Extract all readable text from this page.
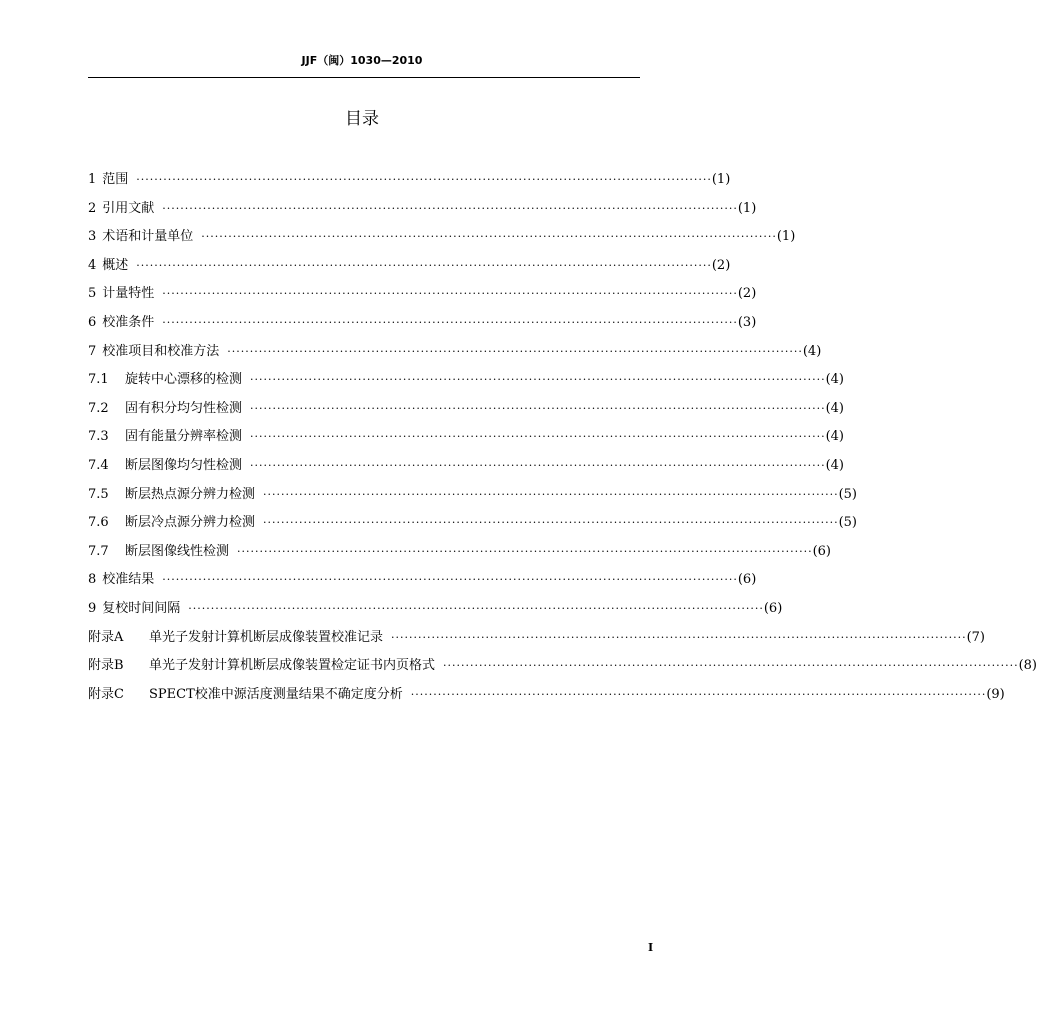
JJF（闽）1030—2010
目录
1 范围 ································································································································ (1)
2 引用文献 ································································································································ (1)
3 术语和计量单位 ································································································································ (1)
4 概述 ································································································································ (2)
5 计量特性 ································································································································ (2)
6 校准条件 ································································································································ (3)
7 校准项目和校准方法 ································································································································ (4)
7.1	旋转中心漂移的检测 ································································································································ (4)
7.2	固有积分均匀性检测 ································································································································ (4)
7.3	固有能量分辨率检测 ································································································································ (4)
7.4	断层图像均匀性检测 ································································································································ (4)
7.5	断层热点源分辨力检测 ································································································································ (5)
7.6	断层冷点源分辨力检测 ································································································································ (5)
7.7	断层图像线性检测 ································································································································ (6)
8 校准结果 ································································································································ (6)
9 复校时间间隔 ································································································································ (6)
附录A	单光子发射计算机断层成像装置校准记录 ································································································································ (7)
附录B	单光子发射计算机断层成像装置检定证书内页格式 ································································································································ (8)
附录C	SPECT校准中源活度测量结果不确定度分析 ································································································································ (9)
I
